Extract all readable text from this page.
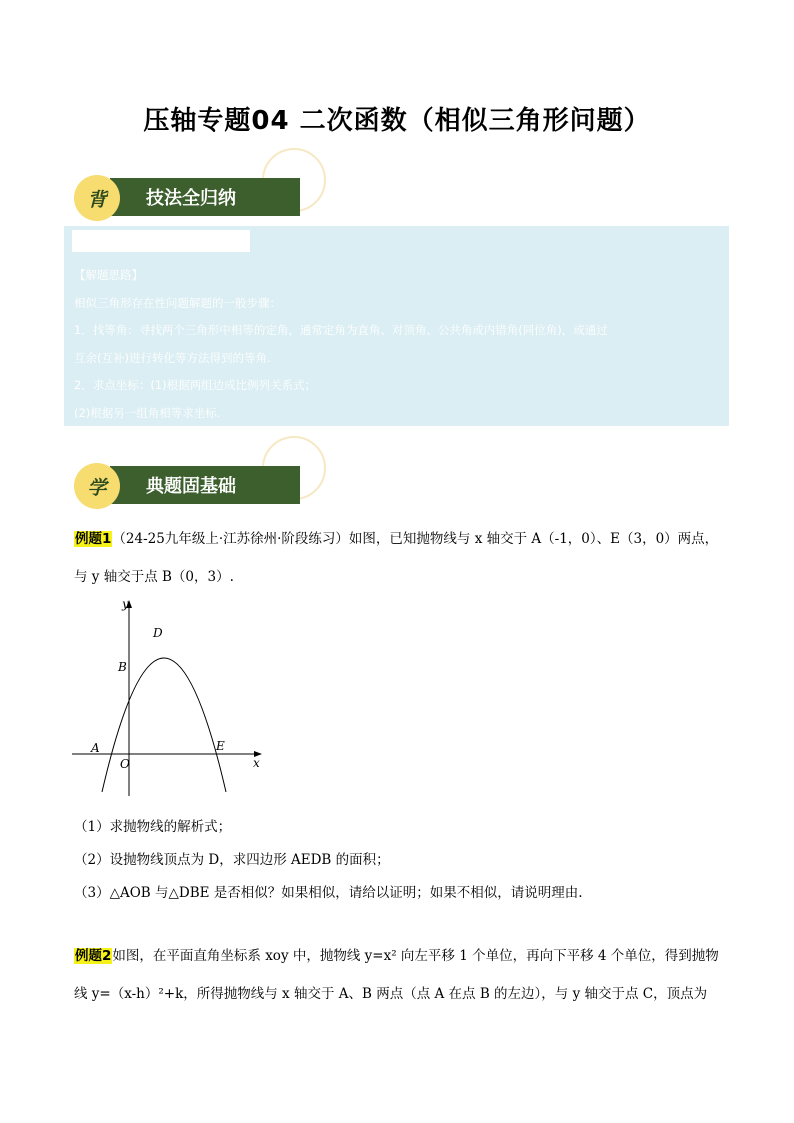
压轴专题04 二次函数（相似三角形问题）
背	技法全归纳
【解题思路】
相似三角形存在性问题解题的一般步骤：
1．找等角：寻找两个三角形中相等的定角，通常定角为直角、对顶角、公共角或内错角(同位角)，或通过
互余(互补)进行转化等方法得到的等角.
2．求点坐标：(1)根据两组边成比例列关系式；
(2)根据另一组角相等求坐标.
学	典题固基础
例题1（24-25九年级上·江苏徐州·阶段练习）如图，已知抛物线与 x 轴交于 A（-1，0）、E（3，0）两点，
与 y 轴交于点 B（0，3）.
y
x
D
B
A	E
O
（1）求抛物线的解析式；
（2）设抛物线顶点为 D，求四边形 AEDB 的面积；
（3）△AOB 与△DBE 是否相似？如果相似，请给以证明；如果不相似，请说明理由.
例题2如图，在平面直角坐标系 xoy 中，抛物线 y=x² 向左平移 1 个单位，再向下平移 4 个单位，得到抛物
线 y=（x-h）²+k，所得抛物线与 x 轴交于 A、B 两点（点 A 在点 B 的左边），与 y 轴交于点 C，顶点为
